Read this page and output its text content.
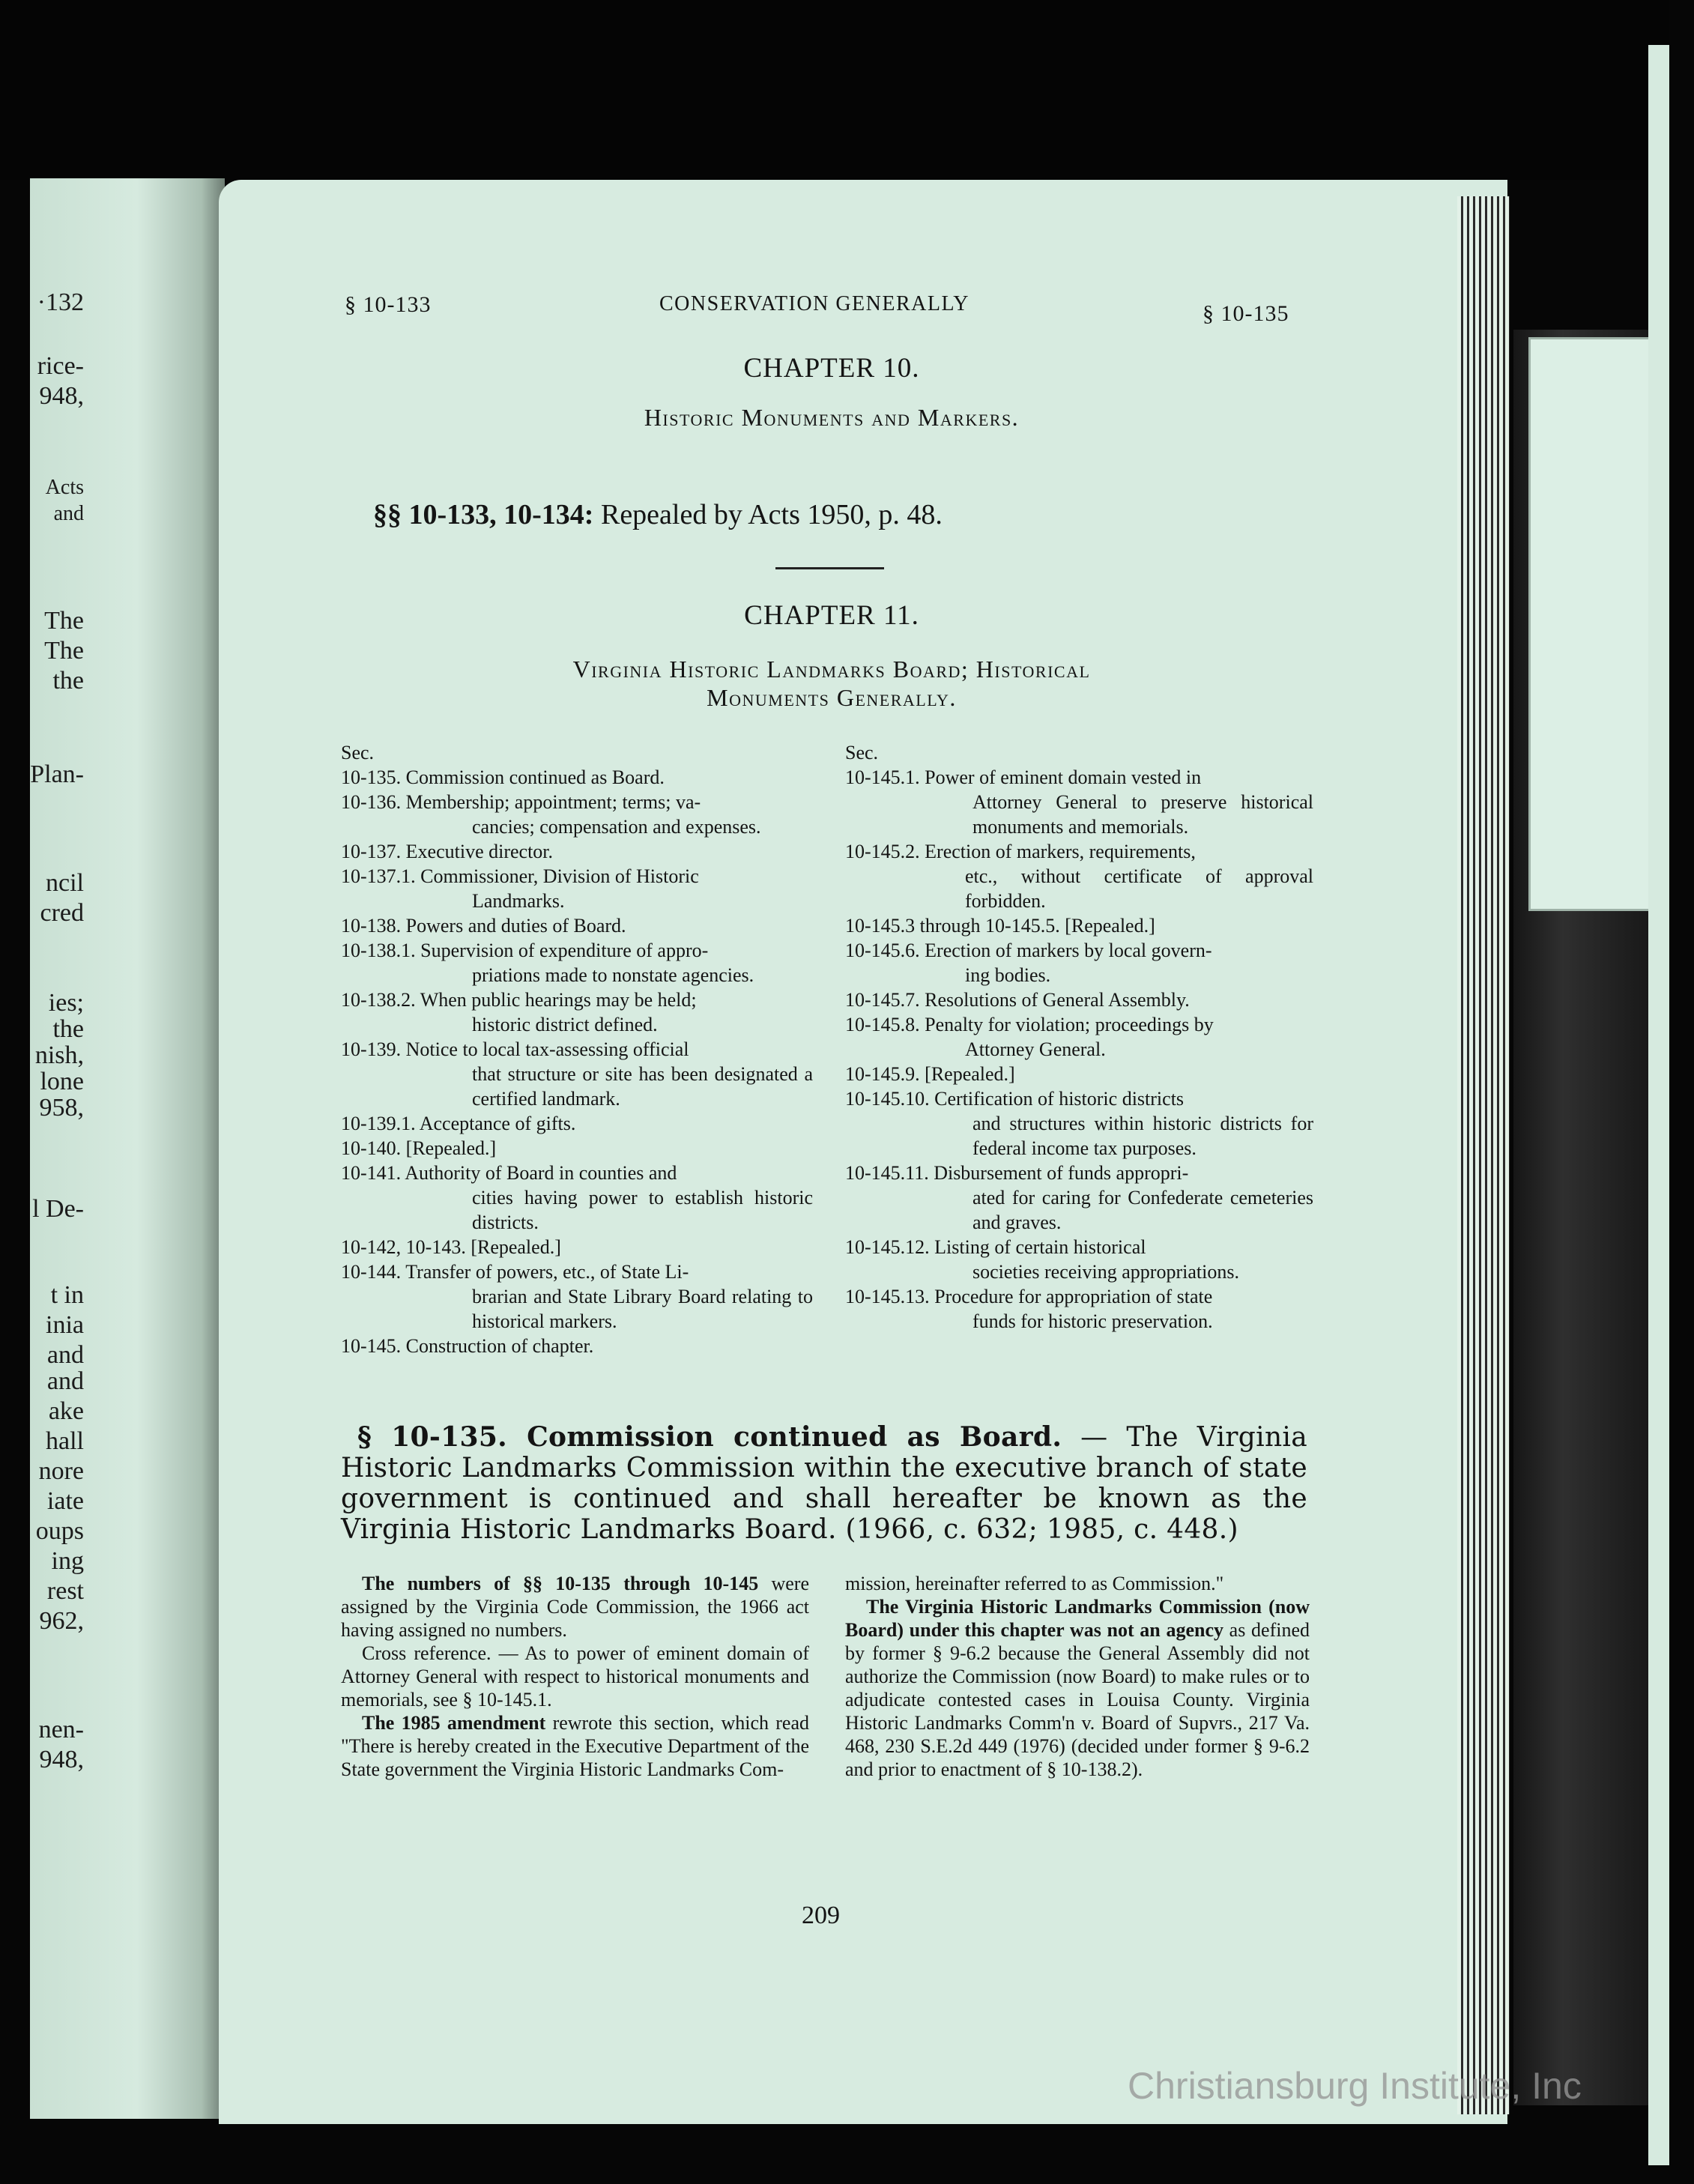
·132
rice-
948,
Acts
and
The
The
the
Plan-
ncil
cred
ies;
the
nish,
lone
958,
l De-
t in
inia
and
and
ake
hall
nore
iate
oups
ing
rest
962,
nen-
948,
§ 10-133	CONSERVATION GENERALLY	§ 10-135
CHAPTER 10.
Historic Monuments and Markers.
§§ 10-133, 10-134: Repealed by Acts 1950, p. 48.
CHAPTER 11.
Virginia Historic Landmarks Board; Historical
Monuments Generally.
Sec.
10-135. Commission continued as Board.
10-136. Membership; appointment; terms; va-
cancies; compensation and expenses.
10-137. Executive director.
10-137.1. Commissioner, Division of Historic
Landmarks.
10-138. Powers and duties of Board.
10-138.1. Supervision of expenditure of appro-
priations made to nonstate agencies.
10-138.2. When public hearings may be held;
historic district defined.
10-139. Notice to local tax-assessing official
that structure or site has been designated a certified landmark.
10-139.1. Acceptance of gifts.
10-140. [Repealed.]
10-141. Authority of Board in counties and
cities having power to establish historic districts.
10-142, 10-143. [Repealed.]
10-144. Transfer of powers, etc., of State Li-
brarian and State Library Board relating to historical markers.
10-145. Construction of chapter.
Sec.
10-145.1. Power of eminent domain vested in
Attorney General to preserve historical monuments and memorials.
10-145.2. Erection of markers, requirements,
etc., without certificate of approval forbidden.
10-145.3 through 10-145.5. [Repealed.]
10-145.6. Erection of markers by local govern-
ing bodies.
10-145.7. Resolutions of General Assembly.
10-145.8. Penalty for violation; proceedings by
Attorney General.
10-145.9. [Repealed.]
10-145.10. Certification of historic districts
and structures within historic districts for federal income tax purposes.
10-145.11. Disbursement of funds appropri-
ated for caring for Confederate cemeteries and graves.
10-145.12. Listing of certain historical
societies receiving appropriations.
10-145.13. Procedure for appropriation of state
funds for historic preservation.
§ 10-135. Commission continued as Board. — The Virginia Historic Landmarks Commission within the executive branch of state government is continued and shall hereafter be known as the Virginia Historic Landmarks Board. (1966, c. 632; 1985, c. 448.)

The numbers of §§ 10-135 through 10-145 were assigned by the Virginia Code Commission, the 1966 act having assigned no numbers.

Cross reference. — As to power of eminent domain of Attorney General with respect to historical monuments and memorials, see § 10-145.1.

The 1985 amendment rewrote this section, which read "There is hereby created in the Executive Department of the State government the Virginia Historic Landmarks Com-

mission, hereinafter referred to as Commission."

The Virginia Historic Landmarks Commission (now Board) under this chapter was not an agency as defined by former § 9-6.2 because the General Assembly did not authorize the Commission (now Board) to make rules or to adjudicate contested cases in Louisa County. Virginia Historic Landmarks Comm'n v. Board of Supvrs., 217 Va. 468, 230 S.E.2d 449 (1976) (decided under former § 9-6.2 and prior to enactment of § 10-138.2).

209
Christiansburg Institute, Inc
